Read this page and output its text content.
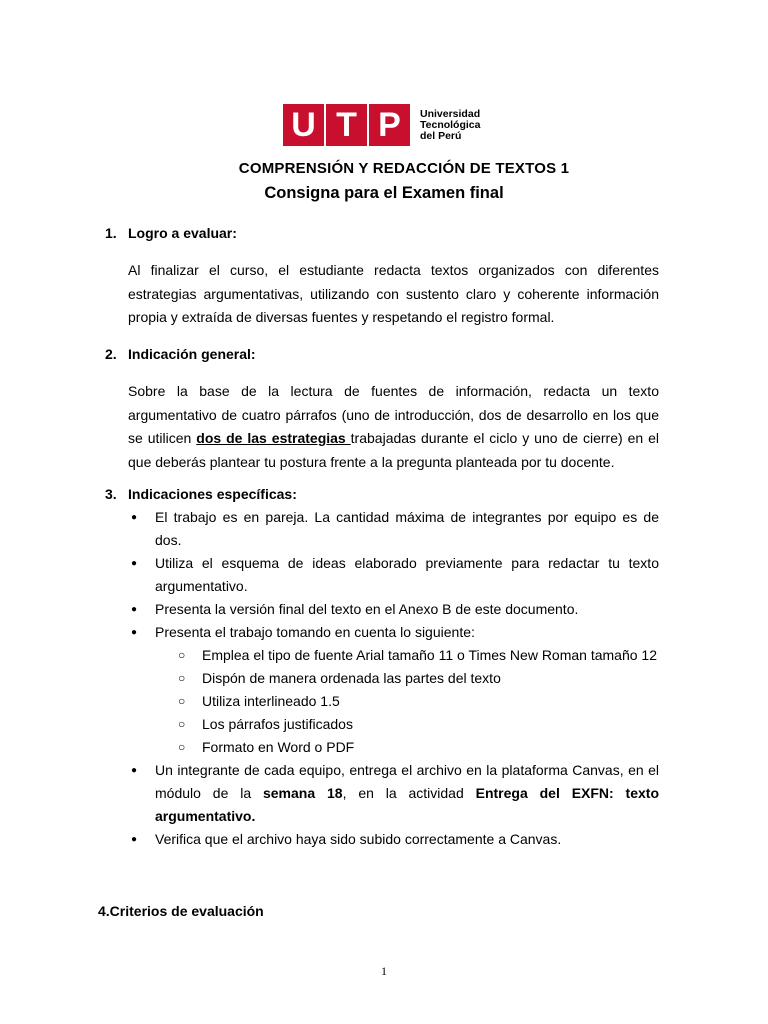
U T P	Universidad
Tecnológica
del Perú
COMPRENSIÓN Y REDACCIÓN DE TEXTOS 1
Consigna para el Examen final
1. Logro a evaluar:
Al finalizar el curso, el estudiante redacta textos organizados con diferentes estrategias argumentativas, utilizando con sustento claro y coherente información propia y extraída de diversas fuentes y respetando el registro formal.
2. Indicación general:
Sobre la base de la lectura de fuentes de información, redacta un texto argumentativo de cuatro párrafos (uno de introducción, dos de desarrollo en los que se utilicen dos de las estrategias trabajadas durante el ciclo y uno de cierre) en el que deberás plantear tu postura frente a la pregunta planteada por tu docente.
3. Indicaciones específicas:
● El trabajo es en pareja. La cantidad máxima de integrantes por equipo es de dos.
● Utiliza el esquema de ideas elaborado previamente para redactar tu texto argumentativo.
● Presenta la versión final del texto en el Anexo B de este documento.
● Presenta el trabajo tomando en cuenta lo siguiente:
○ Emplea el tipo de fuente Arial tamaño 11 o Times New Roman tamaño 12
○ Dispón de manera ordenada las partes del texto
○ Utiliza interlineado 1.5
○ Los párrafos justificados
○ Formato en Word o PDF
● Un integrante de cada equipo, entrega el archivo en la plataforma Canvas, en el módulo de la semana 18, en la actividad Entrega del EXFN: texto argumentativo.
● Verifica que el archivo haya sido subido correctamente a Canvas.
4.Criterios de evaluación
1
